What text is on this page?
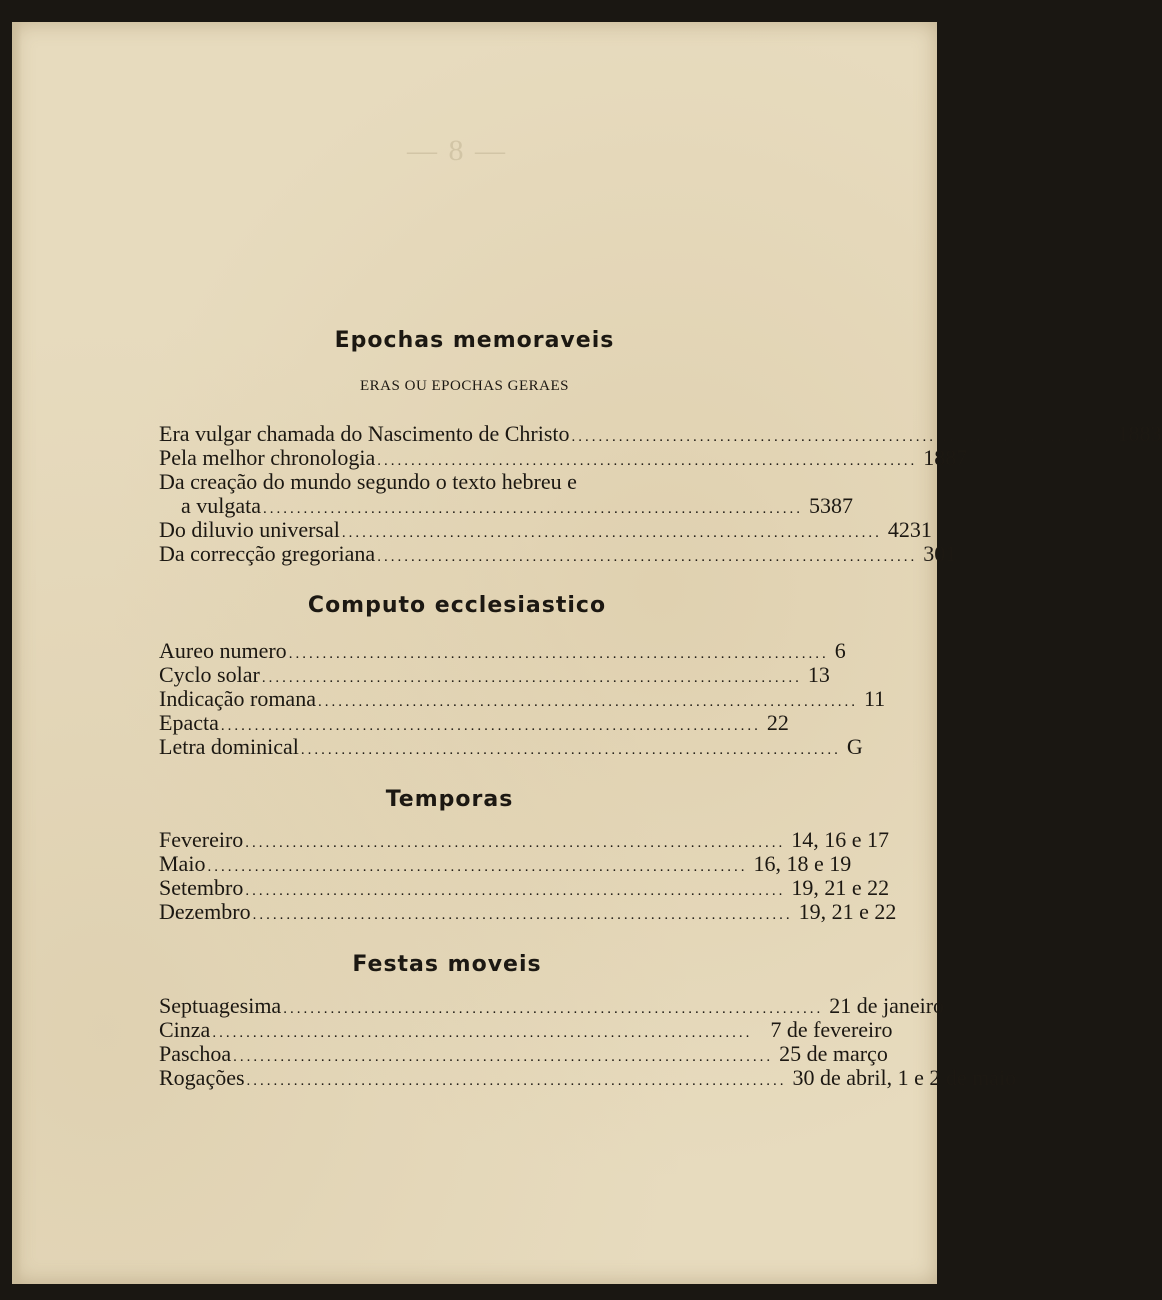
— 8 —
Epochas memoraveis
ERAS OU EPOCHAS GERAES
Era vulgar chamada do Nascimento de Christo ................................................................................ 1883
Pela melhor chronologia ................................................................................ 1887
Da creação do mundo segundo o texto hebreu e
a vulgata ................................................................................ 5387
Do diluvio universal ................................................................................ 4231
Da correcção gregoriana ................................................................................ 301
Computo ecclesiastico
Aureo numero ................................................................................ 6
Cyclo solar ................................................................................ 13
Indicação romana ................................................................................ 11
Epacta ................................................................................ 22
Letra dominical ................................................................................ G
Temporas
Fevereiro ................................................................................ 14, 16 e 17
Maio ................................................................................ 16, 18 e 19
Setembro ................................................................................ 19, 21 e 22
Dezembro ................................................................................ 19, 21 e 22
Festas moveis
Septuagesima ................................................................................ 21 de janeiro
Cinza ................................................................................ 7 de fevereiro
Paschoa ................................................................................ 25 de março
Rogações ................................................................................ 30 de abril, 1 e 2 de maio
